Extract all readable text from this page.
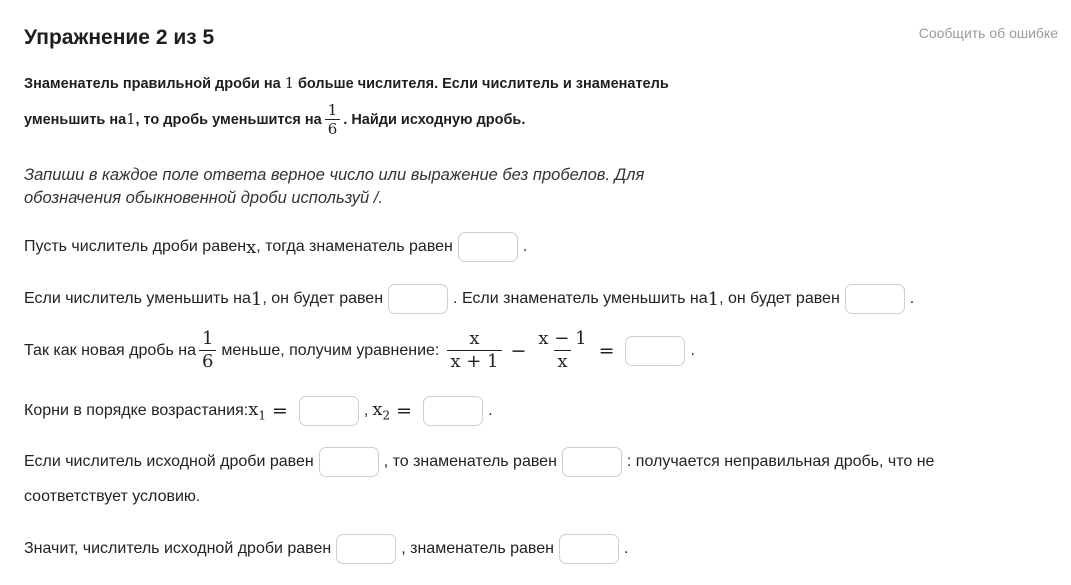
Упражнение 2 из 5	Сообщить об ошибке
Знаменатель правильной дроби на 1 больше числителя. Если числитель и знаменатель
уменьшить на 1 , то дробь уменьшится на $\frac{1}{6}$ . Найди исходную дробь.
Запиши в каждое поле ответа верное число или выражение без пробелов. Для обозначения обыкновенной дроби используй /.
Пусть числитель дроби равен x , тогда знаменатель равен	.
Если числитель уменьшить на 1 , он будет равен	. Если знаменатель уменьшить на 1 , он будет равен	.
Так как новая дробь на $\frac{1}{6}$ меньше, получим уравнение: $\frac{x}{x + 1} - \frac{x - 1}{x}$ =	.
Корни в порядке возрастания: $x_1$ =	, $x_2$ =	.
Если числитель исходной дроби равен	, то знаменатель равен	: получается неправильная дробь, что не
соответствует условию.
Значит, числитель исходной дроби равен	, знаменатель равен	.
